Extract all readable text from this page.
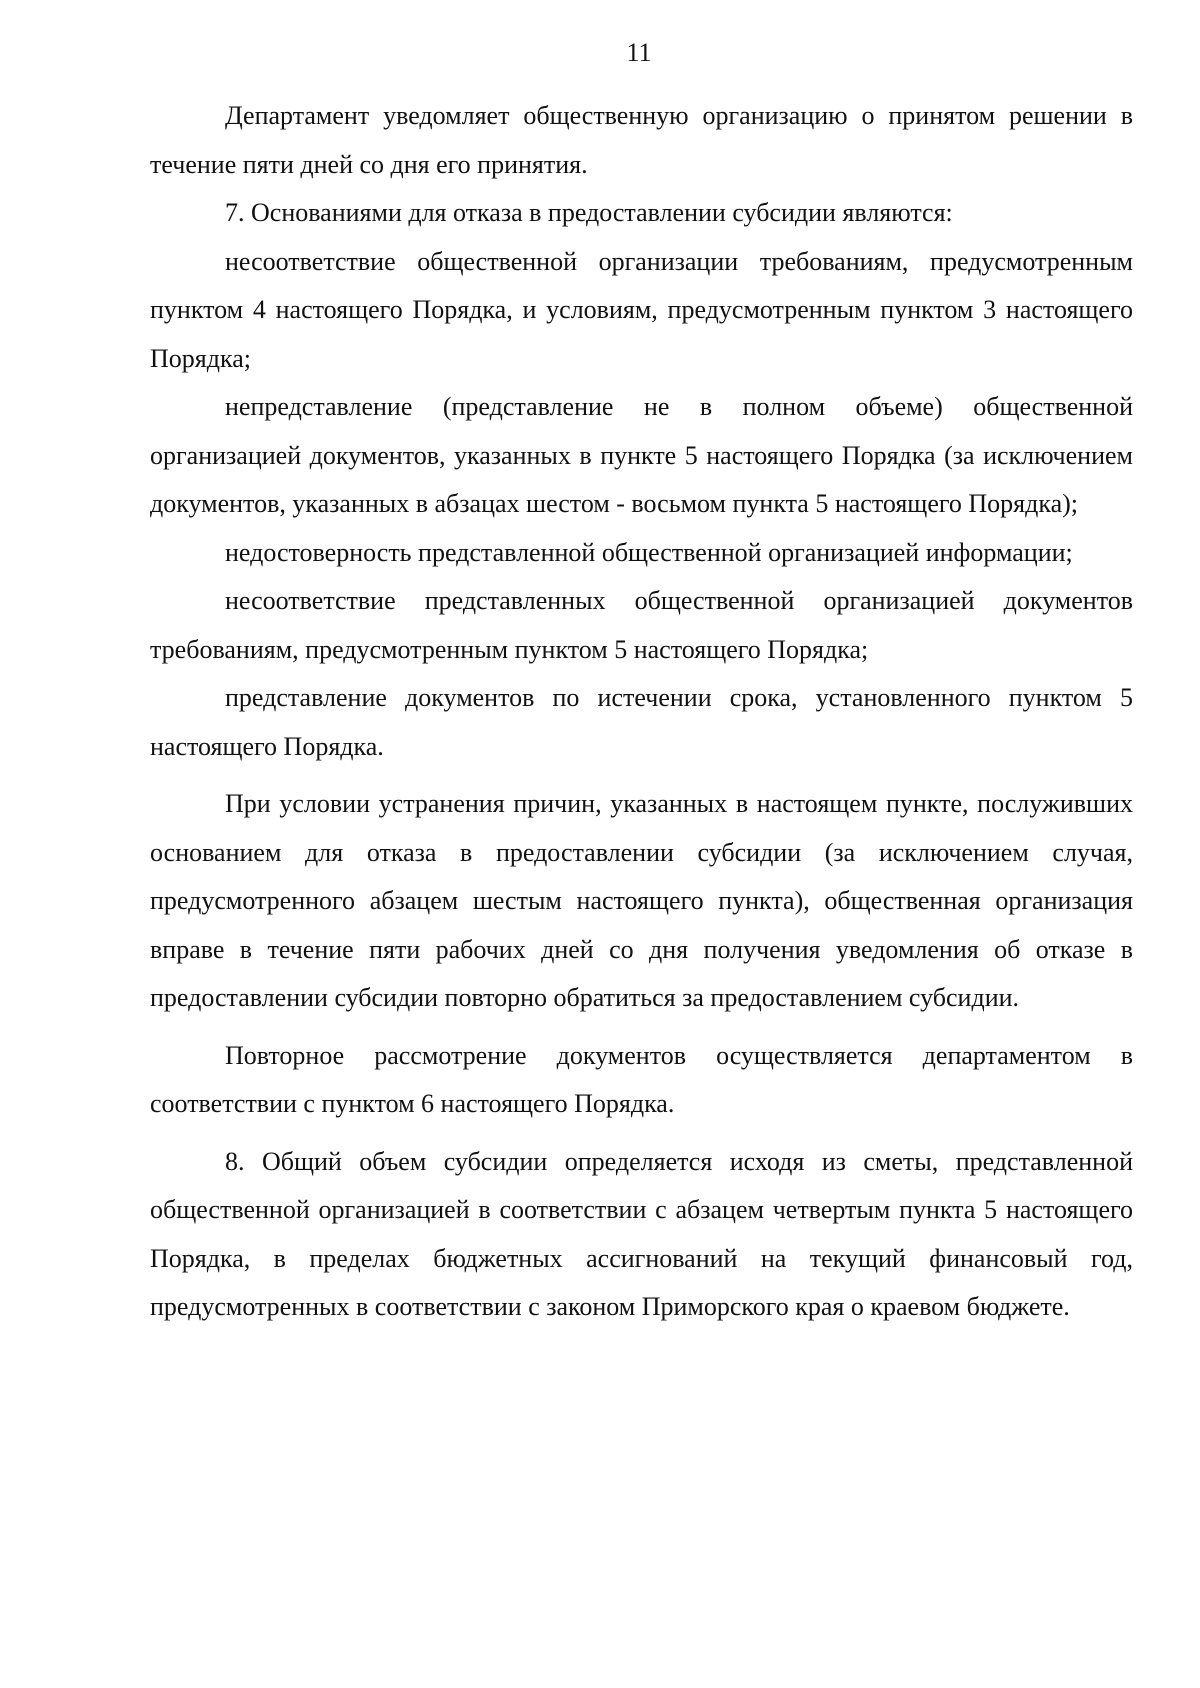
11

Департамент уведомляет общественную организацию о принятом решении в течение пяти дней со дня его принятия.

7. Основаниями для отказа в предоставлении субсидии являются:

несоответствие общественной организации требованиям, предусмотренным пунктом 4 настоящего Порядка, и условиям, предусмотренным пунктом 3 настоящего Порядка;

непредставление (представление не в полном объеме) общественной организацией документов, указанных в пункте 5 настоящего Порядка (за исключением документов, указанных в абзацах шестом - восьмом пункта 5 настоящего Порядка);

недостоверность представленной общественной организацией информации;

несоответствие представленных общественной организацией документов требованиям, предусмотренным пунктом 5 настоящего Порядка;

представление документов по истечении срока, установленного пунктом 5 настоящего Порядка.

При условии устранения причин, указанных в настоящем пункте, послуживших основанием для отказа в предоставлении субсидии (за исключением случая, предусмотренного абзацем шестым настоящего пункта), общественная организация вправе в течение пяти рабочих дней со дня получения уведомления об отказе в предоставлении субсидии повторно обратиться за предоставлением субсидии.

Повторное рассмотрение документов осуществляется департаментом в соответствии с пунктом 6 настоящего Порядка.

8. Общий объем субсидии определяется исходя из сметы, представленной общественной организацией в соответствии с абзацем четвертым пункта 5 настоящего Порядка, в пределах бюджетных ассигнований на текущий финансовый год, предусмотренных в соответствии с законом Приморского края о краевом бюджете.
